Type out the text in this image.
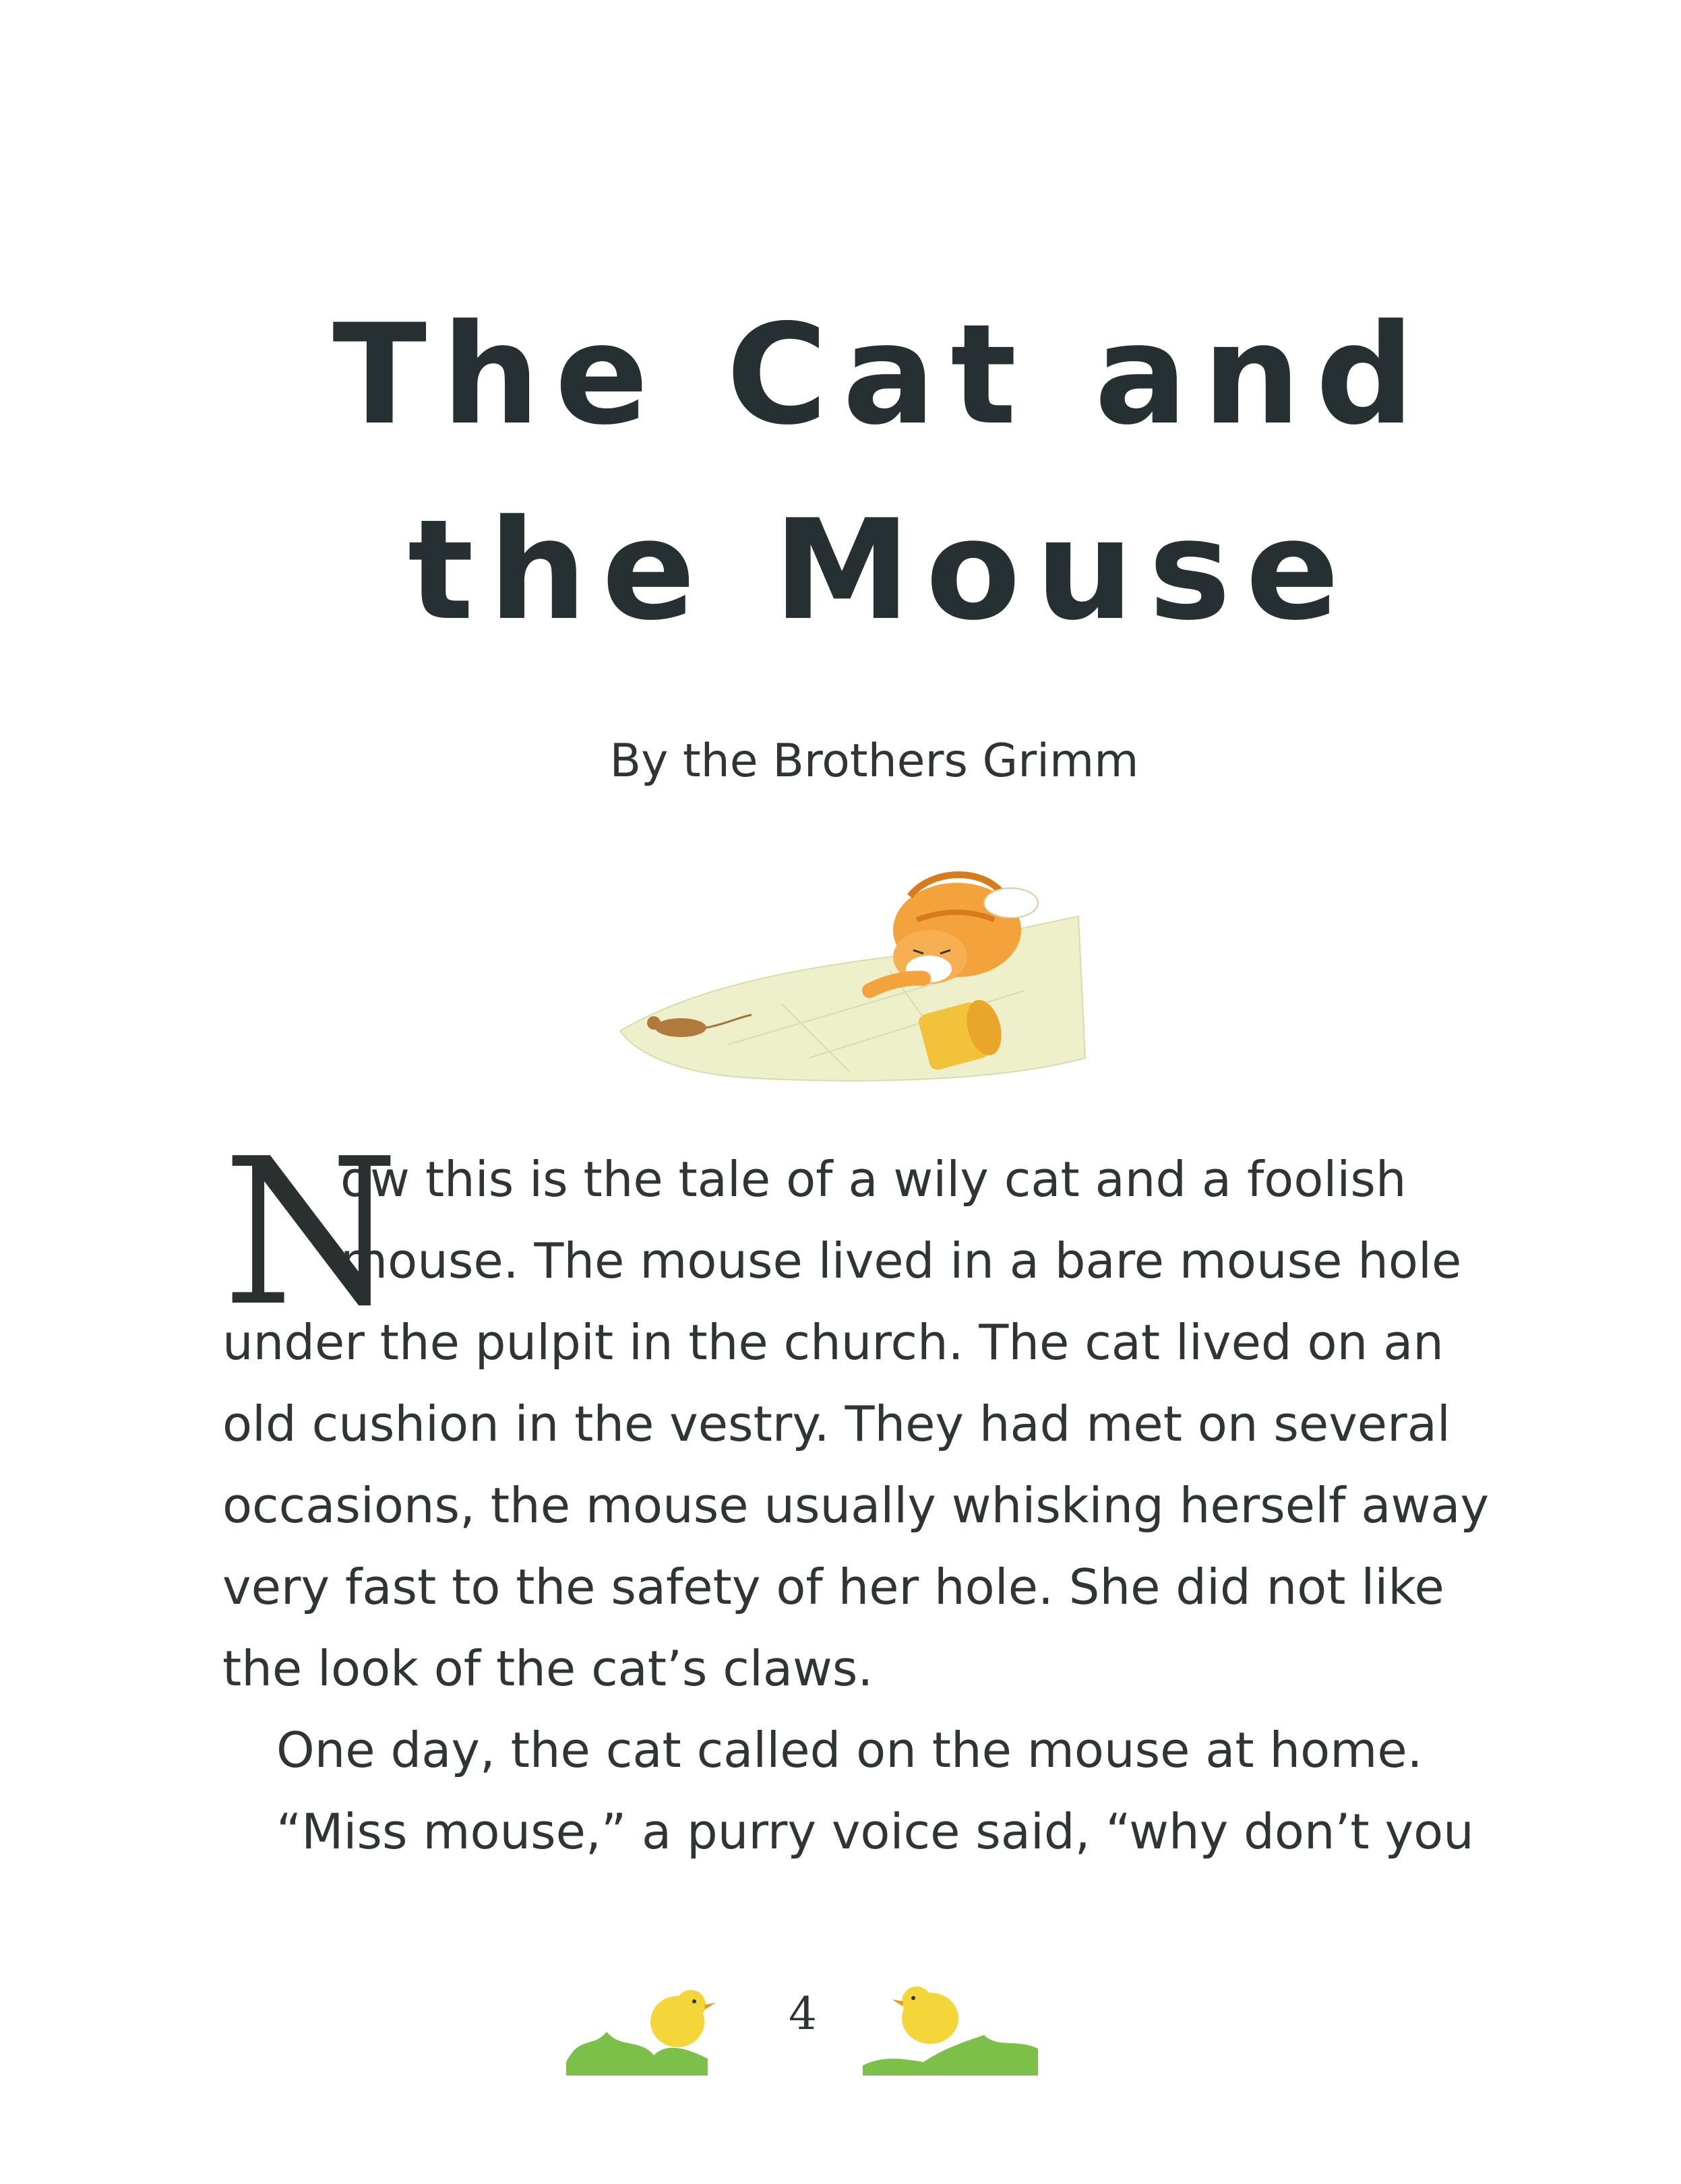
The Cat and
the Mouse
By the Brothers Grimm
N
ow this is the tale of a wily cat and a foolish
mouse. The mouse lived in a bare mouse hole
under the pulpit in the church. The cat lived on an
old cushion in the vestry. They had met on several
occasions, the mouse usually whisking herself away
very fast to the safety of her hole. She did not like
the look of the cat’s claws.
One day, the cat called on the mouse at home.
“Miss mouse,” a purry voice said, “why don’t you
4
